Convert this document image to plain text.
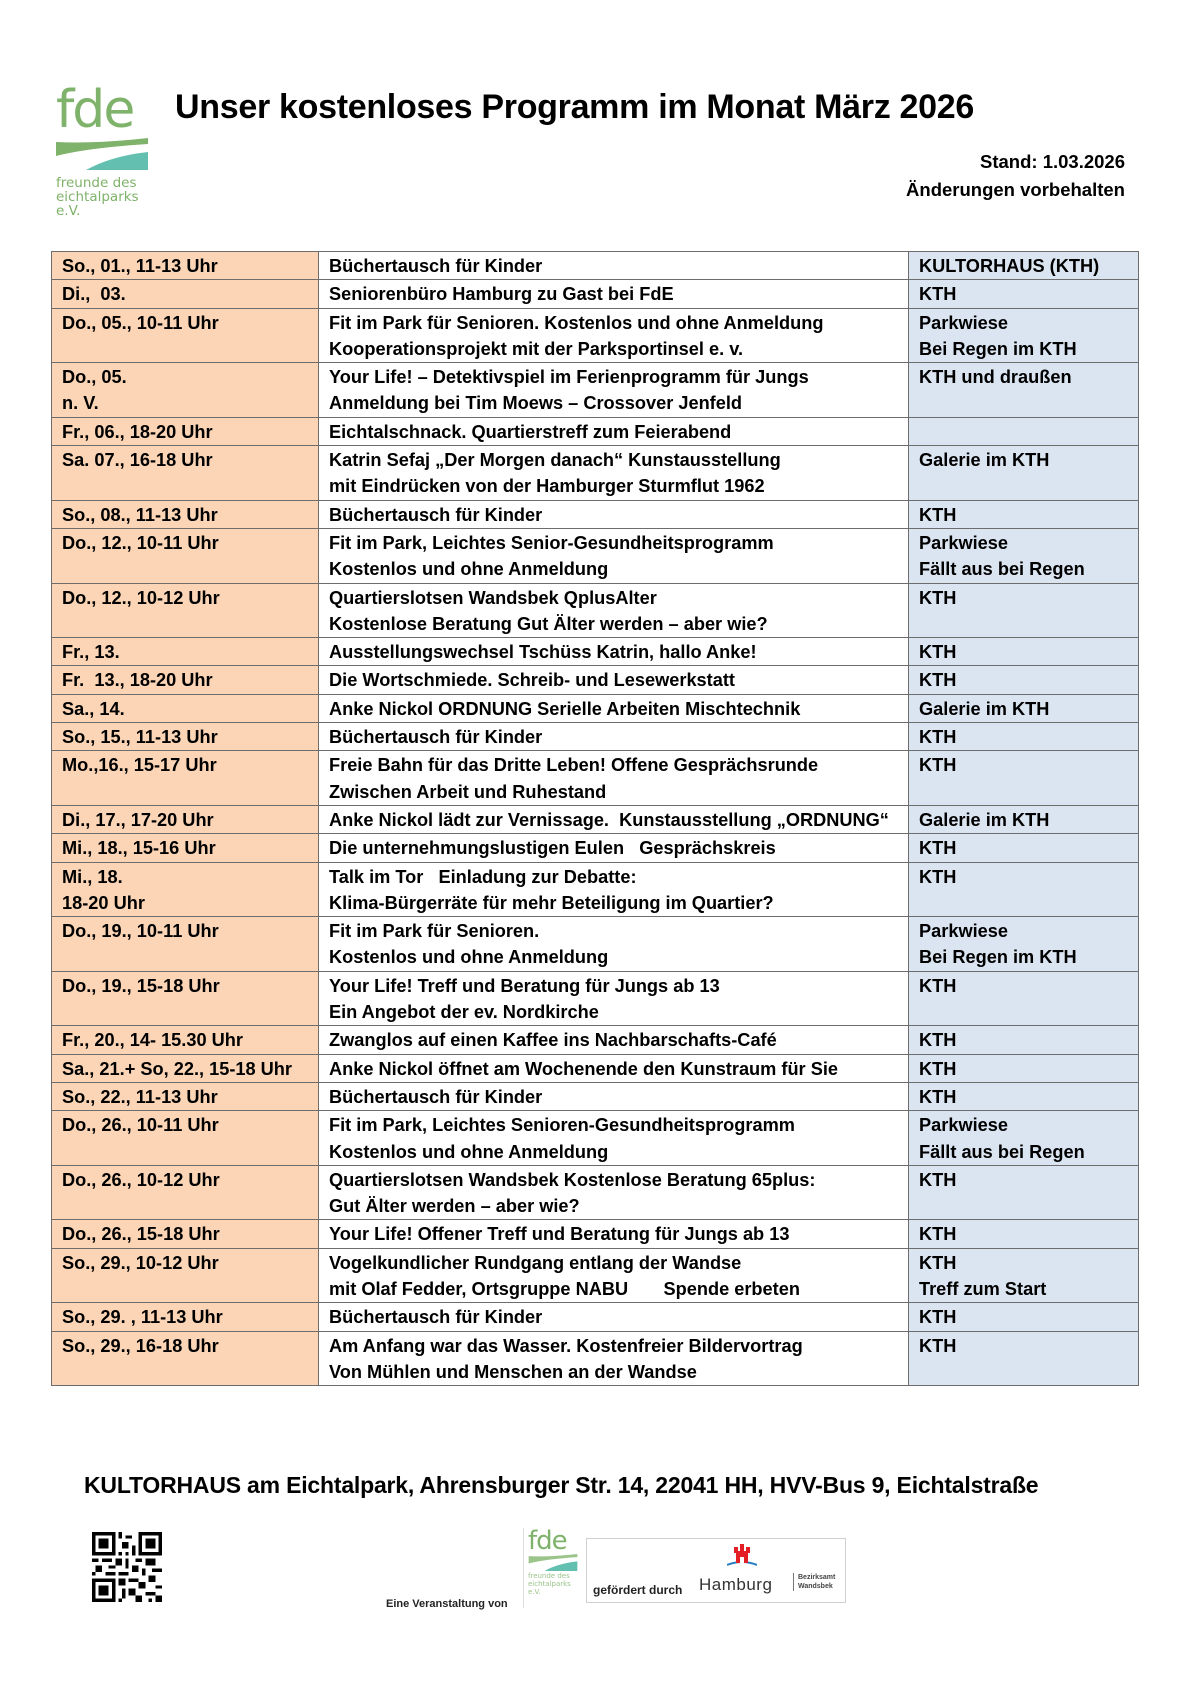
fde
freunde des
eichtalparks
e.V.
Unser kostenloses Programm im Monat März 2026
Stand: 1.03.2026
Änderungen vorbehalten
So., 01., 11-13 Uhr	Büchertausch für Kinder	KULTORHAUS (KTH)

Di.,  03.	Seniorenbüro Hamburg zu Gast bei FdE	KTH

Do., 05., 10-11 Uhr	Fit im Park für Senioren. Kostenlos und ohne Anmeldung
Kooperationsprojekt mit der Parksportinsel e. v.	Parkwiese
Bei Regen im KTH

Do., 05.
n. V.	Your Life! – Detektivspiel im Ferienprogramm für Jungs
Anmeldung bei Tim Moews – Crossover Jenfeld	KTH und draußen

Fr., 06., 18-20 Uhr	Eichtalschnack. Quartierstreff zum Feierabend

Sa. 07., 16-18 Uhr	Katrin Sefaj „Der Morgen danach“ Kunstausstellung
mit Eindrücken von der Hamburger Sturmflut 1962	Galerie im KTH

So., 08., 11-13 Uhr	Büchertausch für Kinder	KTH

Do., 12., 10-11 Uhr	Fit im Park, Leichtes Senior-Gesundheitsprogramm
Kostenlos und ohne Anmeldung	Parkwiese
Fällt aus bei Regen

Do., 12., 10-12 Uhr	Quartierslotsen Wandsbek QplusAlter
Kostenlose Beratung Gut Älter werden – aber wie?	KTH

Fr., 13.	Ausstellungswechsel Tschüss Katrin, hallo Anke!	KTH

Fr.  13., 18-20 Uhr	Die Wortschmiede. Schreib- und Lesewerkstatt	KTH

Sa., 14.	Anke Nickol ORDNUNG Serielle Arbeiten Mischtechnik	Galerie im KTH

So., 15., 11-13 Uhr	Büchertausch für Kinder	KTH

Mo.,16., 15-17 Uhr	Freie Bahn für das Dritte Leben! Offene Gesprächsrunde
Zwischen Arbeit und Ruhestand	KTH

Di., 17., 17-20 Uhr	Anke Nickol lädt zur Vernissage.  Kunstausstellung „ORDNUNG“	Galerie im KTH

Mi., 18., 15-16 Uhr	Die unternehmungslustigen Eulen   Gesprächskreis	KTH

Mi., 18.
18-20 Uhr	Talk im Tor   Einladung zur Debatte:
Klima-Bürgerräte für mehr Beteiligung im Quartier?	KTH

Do., 19., 10-11 Uhr	Fit im Park für Senioren.
Kostenlos und ohne Anmeldung	Parkwiese
Bei Regen im KTH

Do., 19., 15-18 Uhr	Your Life! Treff und Beratung für Jungs ab 13
Ein Angebot der ev. Nordkirche	KTH

Fr., 20., 14- 15.30 Uhr	Zwanglos auf einen Kaffee ins Nachbarschafts-Café	KTH

Sa., 21.+ So, 22., 15-18 Uhr	Anke Nickol öffnet am Wochenende den Kunstraum für Sie	KTH

So., 22., 11-13 Uhr	Büchertausch für Kinder	KTH

Do., 26., 10-11 Uhr	Fit im Park, Leichtes Senioren-Gesundheitsprogramm
Kostenlos und ohne Anmeldung	Parkwiese
Fällt aus bei Regen

Do., 26., 10-12 Uhr	Quartierslotsen Wandsbek Kostenlose Beratung 65plus:
Gut Älter werden – aber wie?	KTH

Do., 26., 15-18 Uhr	Your Life! Offener Treff und Beratung für Jungs ab 13	KTH

So., 29., 10-12 Uhr	Vogelkundlicher Rundgang entlang der Wandse
mit Olaf Fedder, Ortsgruppe NABU       Spende erbeten	KTH
Treff zum Start

So., 29. , 11-13 Uhr	Büchertausch für Kinder	KTH

So., 29., 16-18 Uhr	Am Anfang war das Wasser. Kostenfreier Bildervortrag
Von Mühlen und Menschen an der Wandse	KTH
KULTORHAUS am Eichtalpark, Ahrensburger Str. 14, 22041 HH, HVV-Bus 9, Eichtalstraße
Eine Veranstaltung von
fde
freunde des
eichtalparks
e.V.	gefördert durch Hamburg	Bezirksamt
Wandsbek
